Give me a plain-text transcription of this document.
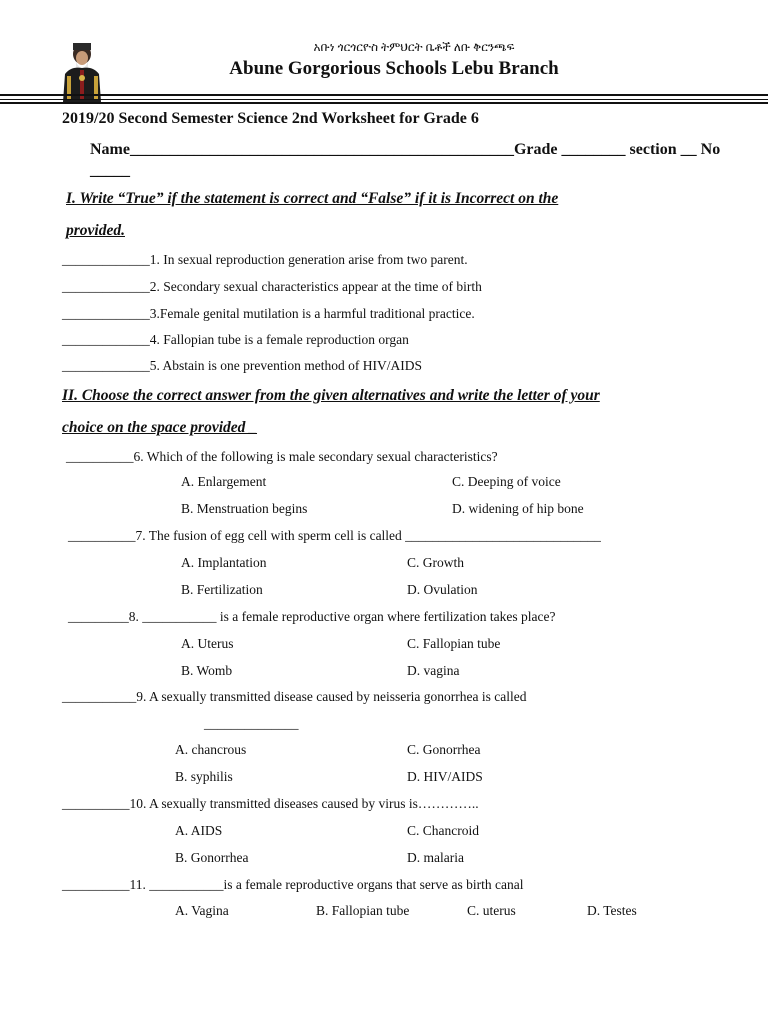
አቡነ ጎርጎርዮስ ትምህርት ቤቶች ለቡ ቅርንጫፍ
Abune Gorgorious Schools Lebu Branch
2019/20 Second Semester Science 2nd Worksheet for Grade 6
Name________________________________________________Grade ________ section __ No
_____
I. Write “True” if the statement is correct and “False” if it is Incorrect on the
provided.
_____________1. In sexual reproduction generation arise from two parent.
_____________2. Secondary sexual characteristics appear at the time of birth
_____________3.Female genital mutilation is a harmful traditional practice.
_____________4. Fallopian tube is a female reproduction organ
_____________5. Abstain is one prevention method of HIV/AIDS
II. Choose the correct answer from the given alternatives and write the letter of your
choice on the space provided _
__________6. Which of the following is male secondary sexual characteristics?
A. Enlargement	C. Deeping of voice
B. Menstruation begins	D. widening of hip bone
__________7. The fusion of egg cell with sperm cell is called _____________________________
A. Implantation	C. Growth
B. Fertilization	D. Ovulation
_________8. ___________ is a female reproductive organ where fertilization takes place?
A. Uterus	C. Fallopian tube
B. Womb	D. vagina
___________9. A sexually transmitted disease caused by neisseria gonorrhea is called
______________
A. chancrous	C. Gonorrhea
B. syphilis	D. HIV/AIDS
__________10. A sexually transmitted diseases caused by virus is…………..
A. AIDS	C. Chancroid
B. Gonorrhea	D. malaria
__________11. ___________is a female reproductive organs that serve as birth canal
A. Vagina	B. Fallopian tube	C. uterus	D. Testes
